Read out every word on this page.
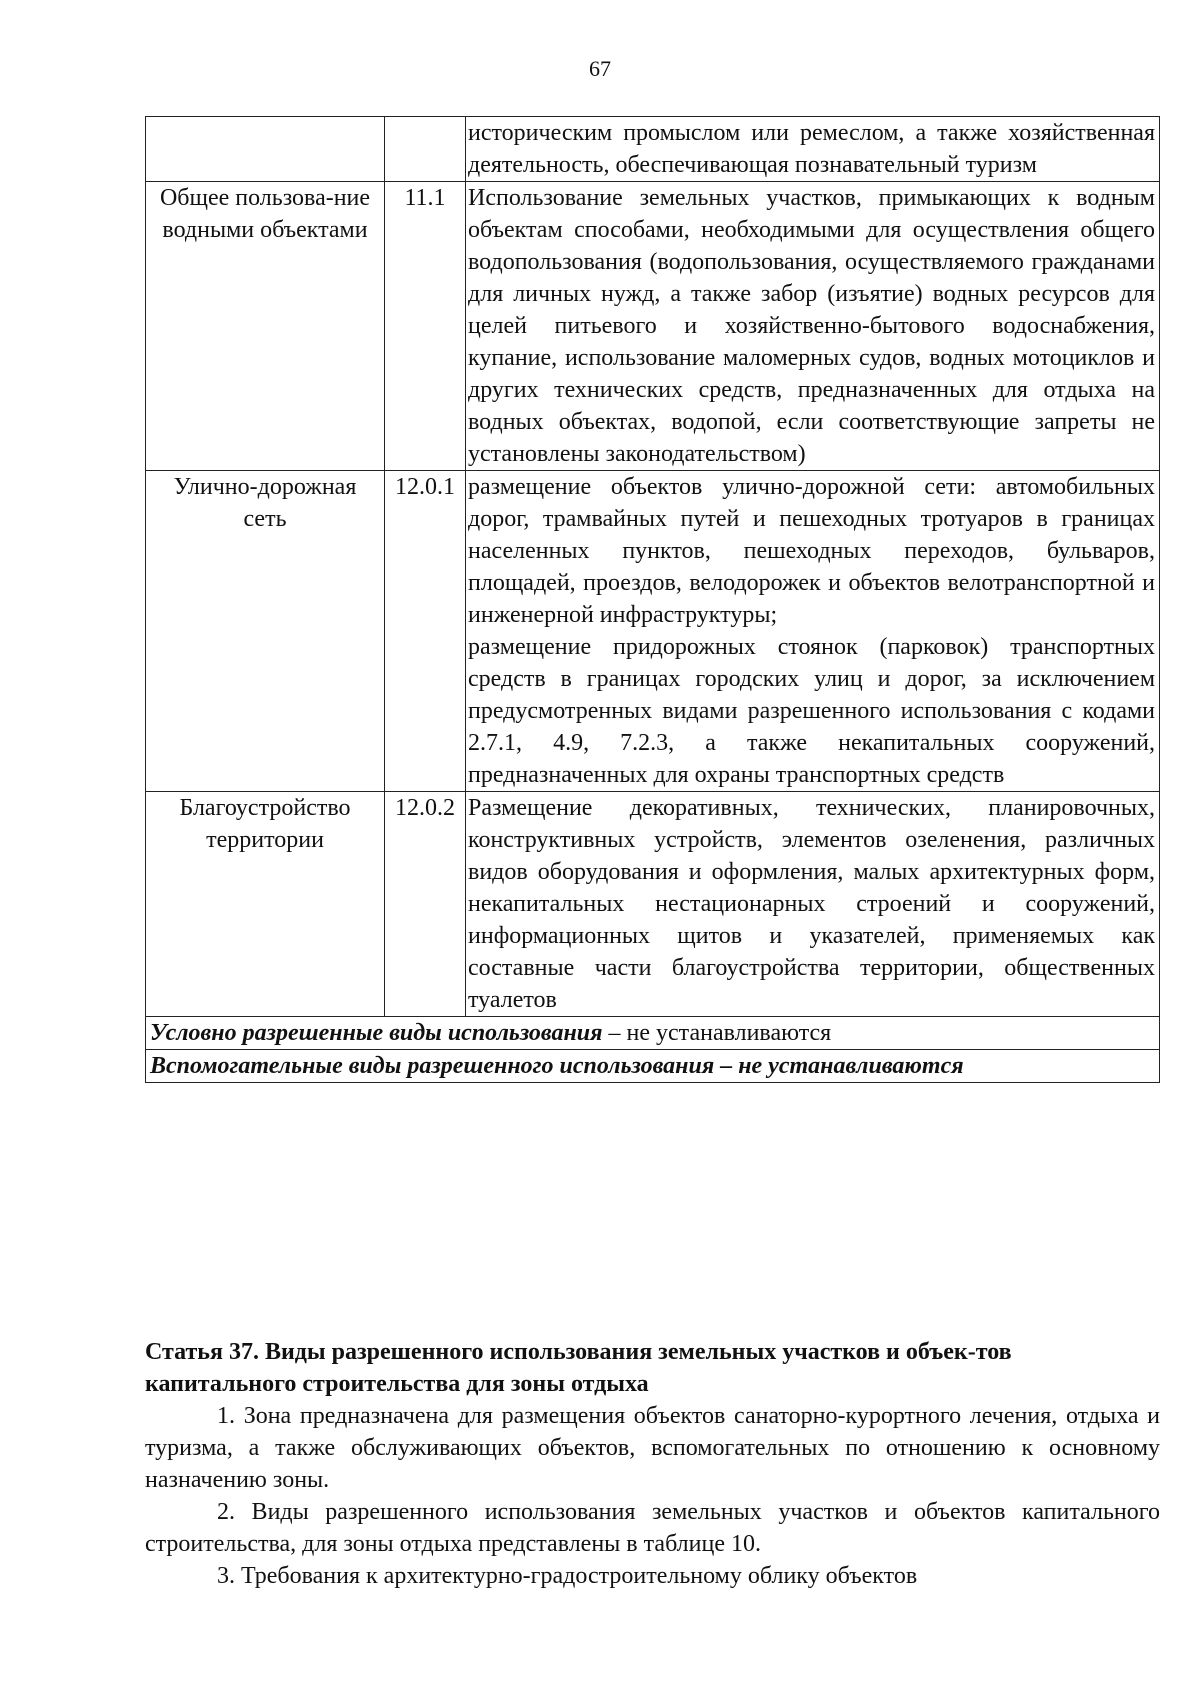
67

		историческим промыслом или ремеслом, а также хозяйственная деятельность, обеспечивающая познавательный туризм

Общее пользова-ние водными объектами	11.1	Использование земельных участков, примыкающих к водным объектам способами, необходимыми для осуществления общего водопользования (водопользования, осуществляемого гражданами для личных нужд, а также забор (изъятие) водных ресурсов для целей питьевого и хозяйственно-бытового водоснабжения, купание, использование маломерных судов, водных мотоциклов и других технических средств, предназначенных для отдыха на водных объектах, водопой, если соответствующие запреты не установлены законодательством)

Улично-дорожная сеть	12.0.1	размещение объектов улично-дорожной сети: автомобильных дорог, трамвайных путей и пешеходных тротуаров в границах населенных пунктов, пешеходных переходов, бульваров, площадей, проездов, велодорожек и объектов велотранспортной и инженерной инфраструктуры;

размещение придорожных стоянок (парковок) транспортных средств в границах городских улиц и дорог, за исключением предусмотренных видами разрешенного использования с кодами 2.7.1, 4.9, 7.2.3, а также некапитальных сооружений, предназначенных для охраны транспортных средств

Благоустройство территории	12.0.2	Размещение декоративных, технических, планировочных, конструктивных устройств, элементов озеленения, различных видов оборудования и оформления, малых архитектурных форм, некапитальных нестационарных строений и сооружений, информационных щитов и указателей, применяемых как составные части благоустройства территории, общественных туалетов

Условно разрешенные виды использования – не устанавливаются		
Вспомогательные виды разрешенного использования – не устанавливаются		
Статья 37. Виды разрешенного использования земельных участков и объек-тов капитального строительства для зоны отдыха

1. Зона предназначена для размещения объектов санаторно-курортного лечения, отдыха и туризма, а также обслуживающих объектов, вспомогательных по отношению к основному назначению зоны.

2. Виды разрешенного использования земельных участков и объектов капитального строительства, для зоны отдыха представлены в таблице 10.

3. Требования к архитектурно-градостроительному облику объектов
